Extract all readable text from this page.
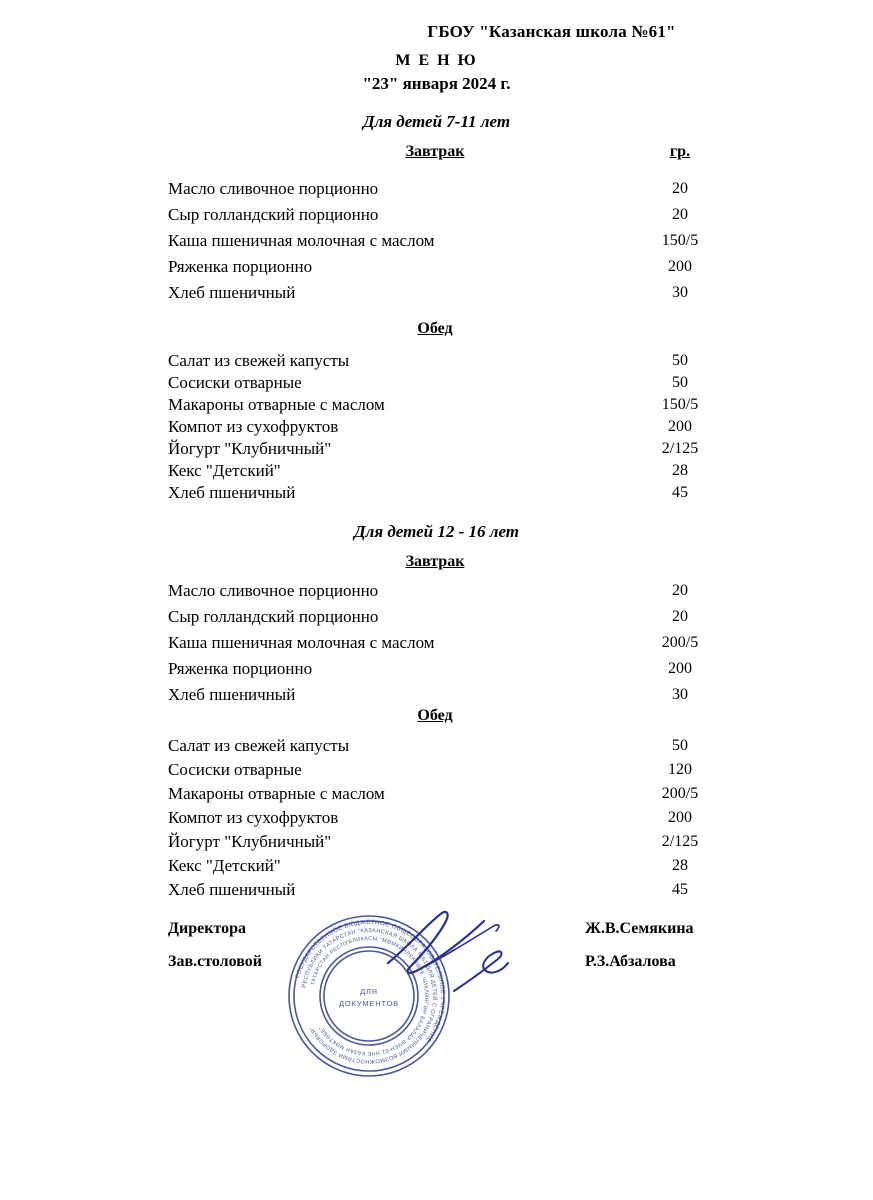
ГБОУ "Казанская школа №61"
М Е Н Ю
"23" января 2024 г.
Для детей 7-11 лет
Завтрак	гр.
Масло сливочное порционно	20
Сыр голландский порционно	20
Каша пшеничная молочная с маслом	150/5
Ряженка порционно	200
Хлеб пшеничный	30
Обед
Салат из свежей капусты	50
Сосиски отварные	50
Макароны отварные с маслом	150/5
Компот из сухофруктов	200
Йогурт "Клубничный"	2/125
Кекс "Детский"	28
Хлеб пшеничный	45
Для детей 12 - 16 лет
Завтрак
Масло сливочное порционно	20
Сыр голландский порционно	20
Каша пшеничная молочная с маслом	200/5
Ряженка порционно	200
Хлеб пшеничный	30
Обед
Салат из свежей капусты	50
Сосиски отварные	120
Макароны отварные с маслом	200/5
Компот из сухофруктов	200
Йогурт "Клубничный"	2/125
Кекс "Детский"	28
Хлеб пшеничный	45
Директора	Ж.В.Семякина
Зав.столовой	Р.З.Абзалова
ГОСУДАРСТВЕННОЕ БЮДЖЕТНОЕ ОБЩЕОБРАЗОВАТЕЛЬНОЕ УЧРЕЖДЕНИЕ
РЕСПУБЛИКИ ТАТАРСТАН "КАЗАНСКАЯ ШКОЛА №61 ДЛЯ ДЕТЕЙ С ОГРАНИЧЕННЫМИ ВОЗМОЖНОСТЯМИ ЗДОРОВЬЯ"
ТАТАРСТАН РЕСПУБЛИКАСЫ "МӨМКИНЛЕКЛӘРЕ ЧИКЛӘНГӘН БАЛАЛАР ӨЧЕН 61 НЧЕ КАЗАН МӘКТӘБЕ"
ДЛЯ
ДОКУМЕНТОВ
